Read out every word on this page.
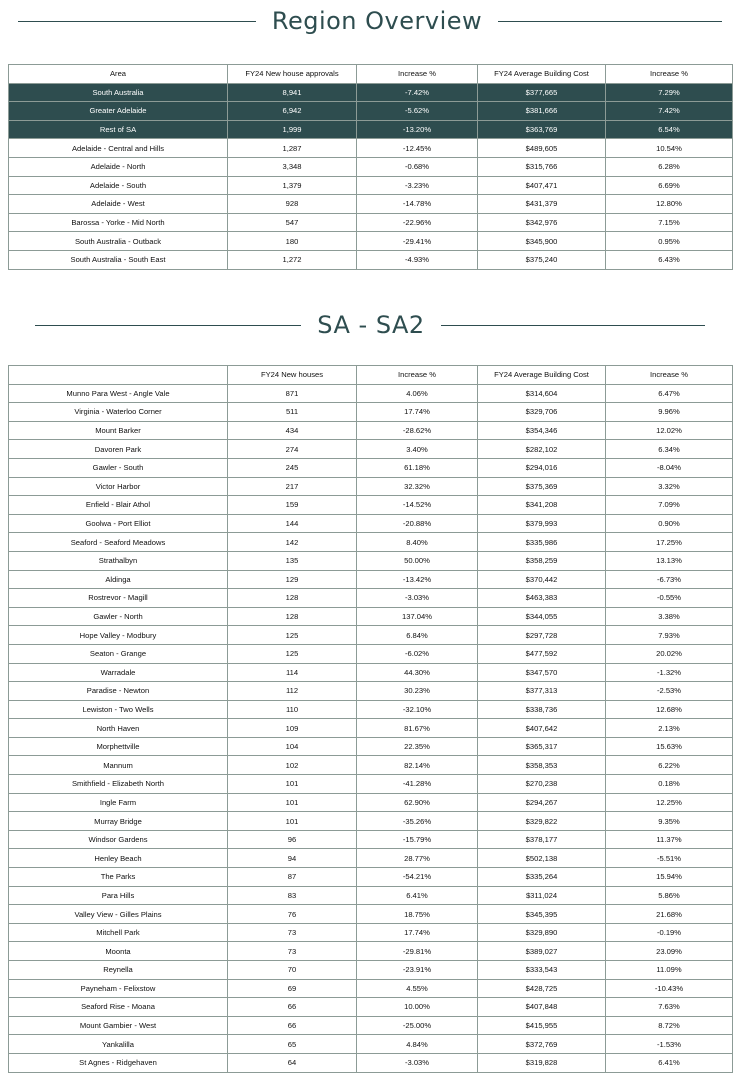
Region Overview
Area	FY24 New house approvals	Increase %	FY24 Average Building Cost	Increase %
South Australia	8,941	-7.42%	$377,665	7.29%
Greater Adelaide	6,942	-5.62%	$381,666	7.42%
Rest of SA	1,999	-13.20%	$363,769	6.54%
Adelaide - Central and Hills	1,287	-12.45%	$489,605	10.54%
Adelaide - North	3,348	-0.68%	$315,766	6.28%
Adelaide - South	1,379	-3.23%	$407,471	6.69%
Adelaide - West	928	-14.78%	$431,379	12.80%
Barossa - Yorke - Mid North	547	-22.96%	$342,976	7.15%
South Australia - Outback	180	-29.41%	$345,900	0.95%
South Australia - South East	1,272	-4.93%	$375,240	6.43%
SA - SA2
	FY24 New houses	Increase %	FY24 Average Building Cost	Increase %
Munno Para West - Angle Vale	871	4.06%	$314,604	6.47%
Virginia - Waterloo Corner	511	17.74%	$329,706	9.96%
Mount Barker	434	-28.62%	$354,346	12.02%
Davoren Park	274	3.40%	$282,102	6.34%
Gawler - South	245	61.18%	$294,016	-8.04%
Victor Harbor	217	32.32%	$375,369	3.32%
Enfield - Blair Athol	159	-14.52%	$341,208	7.09%
Goolwa - Port Elliot	144	-20.88%	$379,993	0.90%
Seaford - Seaford Meadows	142	8.40%	$335,986	17.25%
Strathalbyn	135	50.00%	$358,259	13.13%
Aldinga	129	-13.42%	$370,442	-6.73%
Rostrevor - Magill	128	-3.03%	$463,383	-0.55%
Gawler - North	128	137.04%	$344,055	3.38%
Hope Valley - Modbury	125	6.84%	$297,728	7.93%
Seaton - Grange	125	-6.02%	$477,592	20.02%
Warradale	114	44.30%	$347,570	-1.32%
Paradise - Newton	112	30.23%	$377,313	-2.53%
Lewiston - Two Wells	110	-32.10%	$338,736	12.68%
North Haven	109	81.67%	$407,642	2.13%
Morphettville	104	22.35%	$365,317	15.63%
Mannum	102	82.14%	$358,353	6.22%
Smithfield - Elizabeth North	101	-41.28%	$270,238	0.18%
Ingle Farm	101	62.90%	$294,267	12.25%
Murray Bridge	101	-35.26%	$329,822	9.35%
Windsor Gardens	96	-15.79%	$378,177	11.37%
Henley Beach	94	28.77%	$502,138	-5.51%
The Parks	87	-54.21%	$335,264	15.94%
Para Hills	83	6.41%	$311,024	5.86%
Valley View - Gilles Plains	76	18.75%	$345,395	21.68%
Mitchell Park	73	17.74%	$329,890	-0.19%
Moonta	73	-29.81%	$389,027	23.09%
Reynella	70	-23.91%	$333,543	11.09%
Payneham - Felixstow	69	4.55%	$428,725	-10.43%
Seaford Rise - Moana	66	10.00%	$407,848	7.63%
Mount Gambier - West	66	-25.00%	$415,955	8.72%
Yankalilla	65	4.84%	$372,769	-1.53%
St Agnes - Ridgehaven	64	-3.03%	$319,828	6.41%
